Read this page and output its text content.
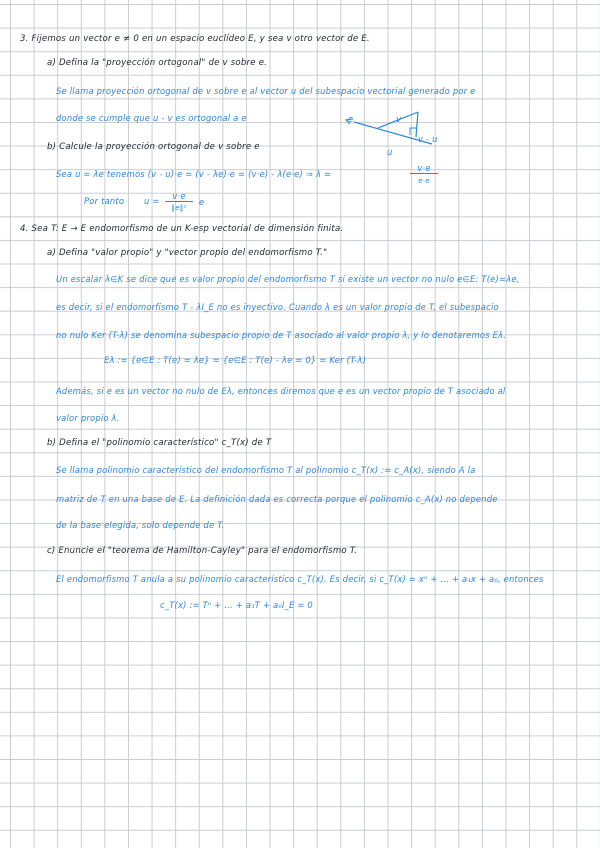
3. Fijemos un vector e ≠ 0 en un espacio euclídeo E, y sea v otro vector de E.
a) Defina la "proyección ortogonal" de v sobre e.
Se llama proyección ortogonal de v sobre e al vector u del subespacio vectorial generado por e
donde se cumple que u - v es ortogonal a e	e	v
u
v - u
b) Calcule la proyección ortogonal de v sobre e
Sea u = λe tenemos (v - u)·e = (v - λe)·e = (v·e) - λ(e·e) ⇒ λ =
v·e
e·e
Por tanto u =	v·e
‖e‖²
e
4. Sea T: E → E endomorfismo de un K-esp vectorial de dimensión finita.
a) Defina "valor propio" y "vector propio del endomorfismo T."
Un escalar λ∈K se dice que es valor propio del endomorfismo T si existe un vector no nulo e∈E: T(e)=λe,
es decir, si el endomorfismo T - λI_E no es inyectivo. Cuando λ es un valor propio de T, el subespacio
no nulo Ker (T-λ) se denomina subespacio propio de T asociado al valor propio λ, y lo denotaremos Eλ.
Eλ := {e∈E : T(e) = λe} = {e∈E : T(e) - λe = 0} = Ker (T-λ)
Además, si e es un vector no nulo de Eλ, entonces diremos que e es un vector propio de T asociado al
valor propio λ.
b) Defina el "polinomio característico" c_T(x) de T
Se llama polinomio característico del endomorfismo T al polinomio c_T(x) := c_A(x), siendo A la
matriz de T en una base de E. La definición dada es correcta porque el polinomio c_A(x) no depende
de la base elegida, solo depende de T.
c) Enuncie el "teorema de Hamilton-Cayley" para el endomorfismo T.
El endomorfismo T anula a su polinomio característico c_T(x). Es decir, si c_T(x) = xⁿ + ... + a₁x + a₀, entonces
c_T(x) := Tⁿ + ... + a₁T + a₀I_E = 0
